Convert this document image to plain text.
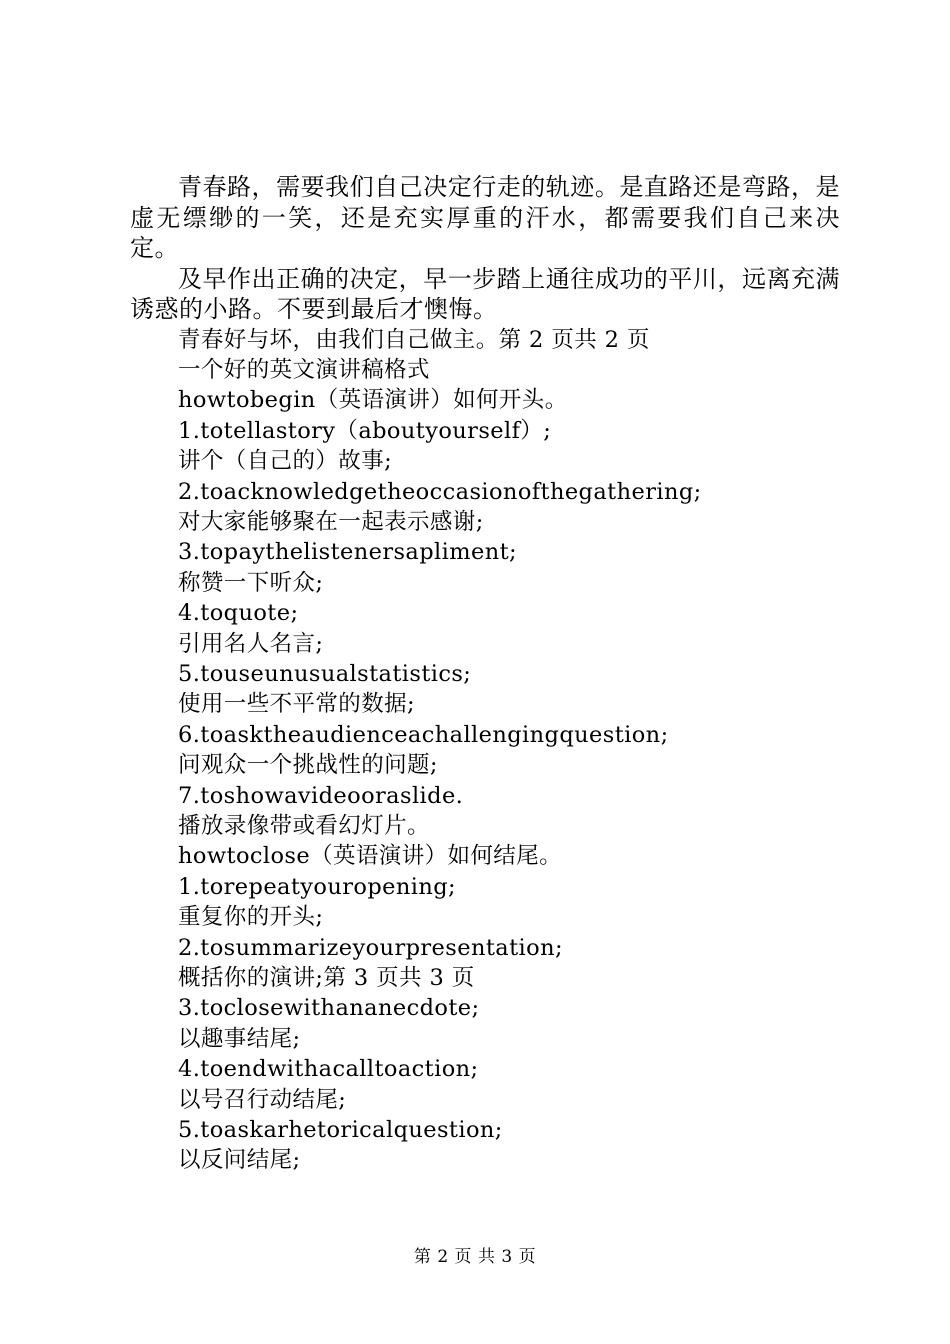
青春路，需要我们自己决定行走的轨迹。是直路还是弯路，是虚无缥缈的一笑，还是充实厚重的汗水，都需要我们自己来决定。

及早作出正确的决定，早一步踏上通往成功的平川，远离充满诱惑的小路。不要到最后才懊悔。

青春好与坏，由我们自己做主。第 2 页共 2 页

一个好的英文演讲稿格式

howtobegin（英语演讲）如何开头。

1.totellastory（aboutyourself）;

讲个（自己的）故事;

2.toacknowledgetheoccasionofthegathering;

对大家能够聚在一起表示感谢;

3.topaythelistenersapliment;

称赞一下听众;

4.toquote;

引用名人名言;

5.touseunusualstatistics;

使用一些不平常的数据;

6.toasktheaudienceachallengingquestion;

问观众一个挑战性的问题;

7.toshowavideooraslide.

播放录像带或看幻灯片。

howtoclose（英语演讲）如何结尾。

1.torepeatyouropening;

重复你的开头;

2.tosummarizeyourpresentation;

概括你的演讲;第 3 页共 3 页

3.toclosewithananecdote;

以趣事结尾;

4.toendwithacalltoaction;

以号召行动结尾;

5.toaskarhetoricalquestion;

以反问结尾;

第 2 页 共 3 页
